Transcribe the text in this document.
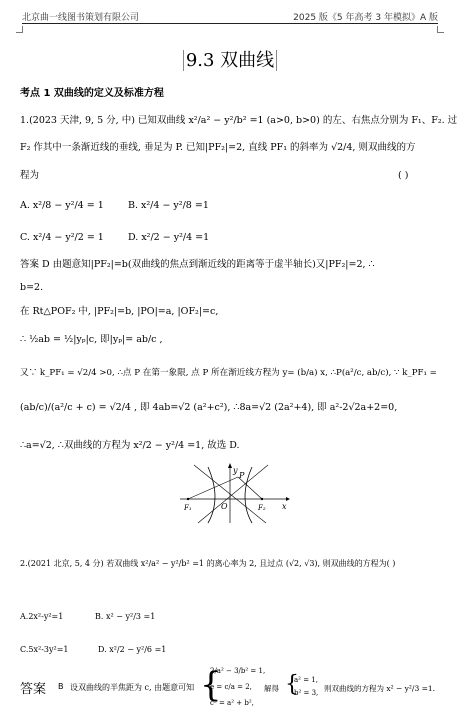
北京曲一线图书策划有限公司	2025 版《5 年高考 3 年模拟》A 版
9.3 双曲线
考点 1 双曲线的定义及标准方程
1.(2023 天津, 9, 5 分, 中) 已知双曲线 x²/a² − y²/b² =1 (a>0, b>0) 的左、右焦点分别为 F₁、F₂. 过
F₂ 作其中一条渐近线的垂线, 垂足为 P. 已知|PF₂|=2, 直线 PF₁ 的斜率为 √2/4, 则双曲线的方
程为	( )
A. x²/8 − y²/4 = 1	B. x²/4 − y²/8 =1
C. x²/4 − y²/2 = 1	D. x²/2 − y²/4 =1
答案 D 由题意知|PF₂|=b(双曲线的焦点到渐近线的距离等于虚半轴长)又|PF₂|=2, ∴
b=2.
在 Rt△POF₂ 中, |PF₂|=b, |PO|=a, |OF₂|=c,
∴ ½ab = ½|yₚ|c, 即|yₚ|= ab/c ,
又∵ k_PF₁ = √2/4 >0, ∴点 P 在第一象限, 点 P 所在渐近线方程为 y= (b/a) x, ∴P(a²/c, ab/c), ∵ k_PF₁ =
(ab/c)/(a²/c + c) = √2/4 , 即 4ab=√2 (a²+c²), ∴8a=√2 (2a²+4), 即 a²-2√2a+2=0,
∴a=√2, ∴双曲线的方程为 x²/2 − y²/4 =1, 故选 D.
y
P
F₁	O	F₂ x
2.(2021 北京, 5, 4 分) 若双曲线 x²/a² − y²/b² =1 的离心率为 2, 且过点 (√2, √3), 则双曲线的方程为( )
A.2x²-y²=1	B. x² − y²/3 =1
C.5x²-3y²=1	D. x²/2 − y²/6 =1
答案 B 设双曲线的半焦距为 c, 由题意可知 {
2/a² − 3/b² = 1,
e = c/a = 2,
c² = a² + b²,
解得 {
a² = 1,
b² = 3, 则双曲线的方程为 x² − y²/3 =1.
